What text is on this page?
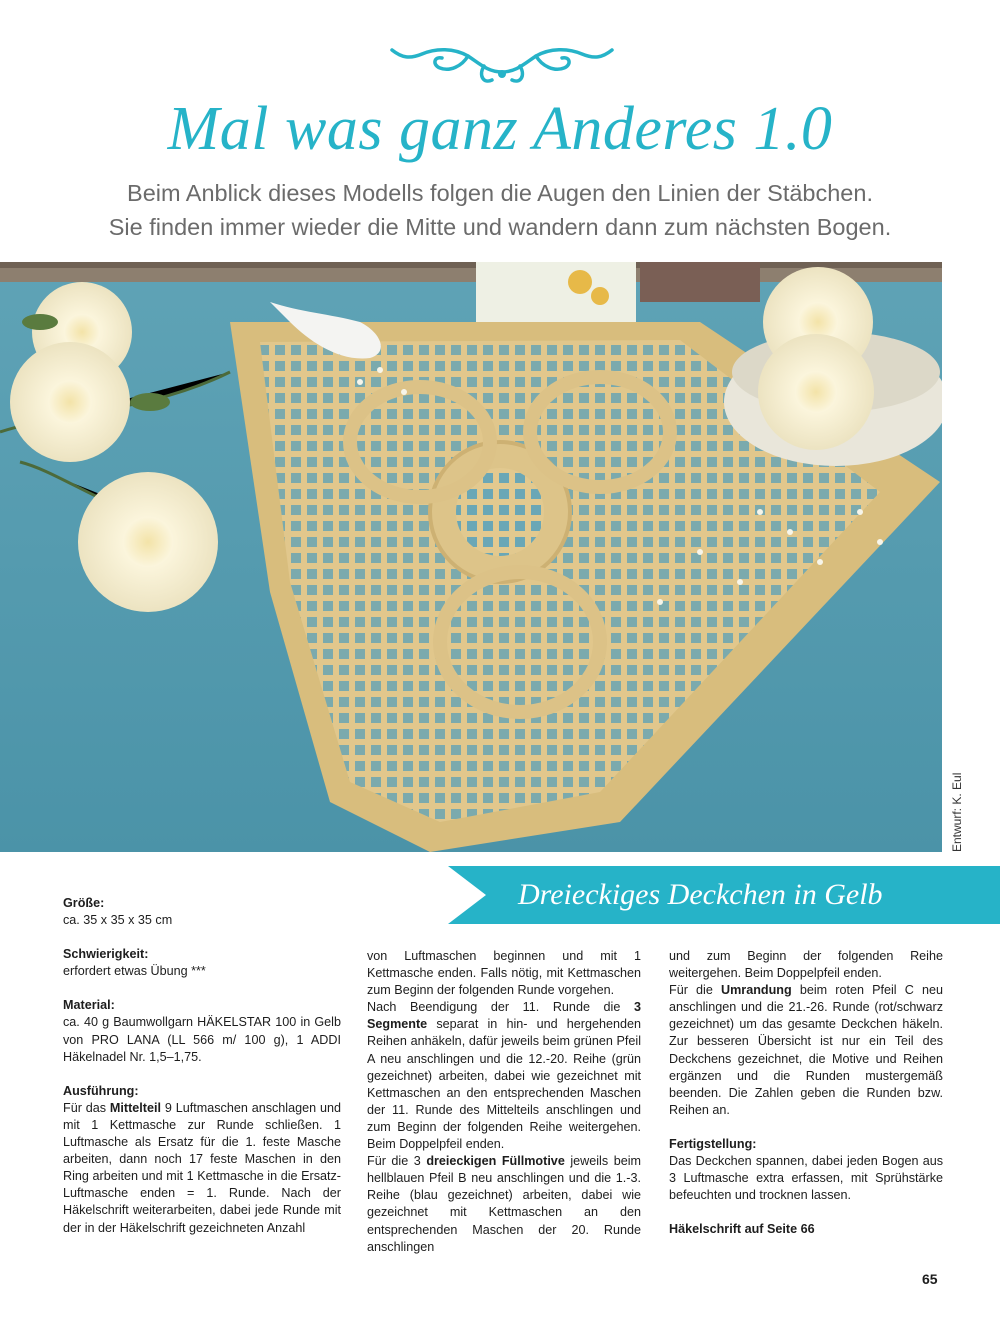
Mal was ganz Anderes 1.0
Beim Anblick dieses Modells folgen die Augen den Linien der Stäbchen.
Sie finden immer wieder die Mitte und wandern dann zum nächsten Bogen.
Entwurf: K. Eul
Dreieckiges Deckchen in Gelb

Größe:

ca. 35 x 35 x 35 cm

Schwierigkeit:

erfordert etwas Übung ***

Material:

ca. 40 g Baumwollgarn HÄKELSTAR 100 in Gelb von PRO LANA (LL 566 m/ 100 g), 1 ADDI Häkelnadel Nr. 1,5–1,75.

Ausführung:

Für das Mittelteil 9 Luftmaschen anschlagen und mit 1 Kettmasche zur Runde schließen. 1 Luftmasche als Ersatz für die 1. feste Masche arbeiten, dann noch 17 feste Maschen in den Ring arbeiten und mit 1 Kettmasche in die Ersatz-Luftmasche enden = 1. Runde. Nach der Häkelschrift weiterarbeiten, dabei jede Runde mit der in der Häkelschrift gezeichneten Anzahl

von Luftmaschen beginnen und mit 1 Kettmasche enden. Falls nötig, mit Kettmaschen zum Beginn der folgenden Runde vorgehen.

Nach Beendigung der 11. Runde die 3 Segmente separat in hin- und hergehenden Reihen anhäkeln, dafür jeweils beim grünen Pfeil A neu anschlingen und die 12.-20. Reihe (grün gezeichnet) arbeiten, dabei wie gezeichnet mit Kettmaschen an den entsprechenden Maschen der 11. Runde des Mittelteils anschlingen und zum Beginn der folgenden Reihe weitergehen. Beim Doppelpfeil enden.

Für die 3 dreieckigen Füllmotive jeweils beim hellblauen Pfeil B neu anschlingen und die 1.-3. Reihe (blau gezeichnet) arbeiten, dabei wie gezeichnet mit Kettmaschen an den entsprechenden Maschen der 20. Runde anschlingen

und zum Beginn der folgenden Reihe weitergehen. Beim Doppelpfeil enden.

Für die Umrandung beim roten Pfeil C neu anschlingen und die 21.-26. Runde (rot/schwarz gezeichnet) um das gesamte Deckchen häkeln. Zur besseren Übersicht ist nur ein Teil des Deckchens gezeichnet, die Motive und Reihen ergänzen und die Runden mustergemäß beenden. Die Zahlen geben die Runden bzw. Reihen an.

Fertigstellung:

Das Deckchen spannen, dabei jeden Bogen aus 3 Luftmasche extra erfassen, mit Sprühstärke befeuchten und trocknen lassen.

Häkelschrift auf Seite 66

65
